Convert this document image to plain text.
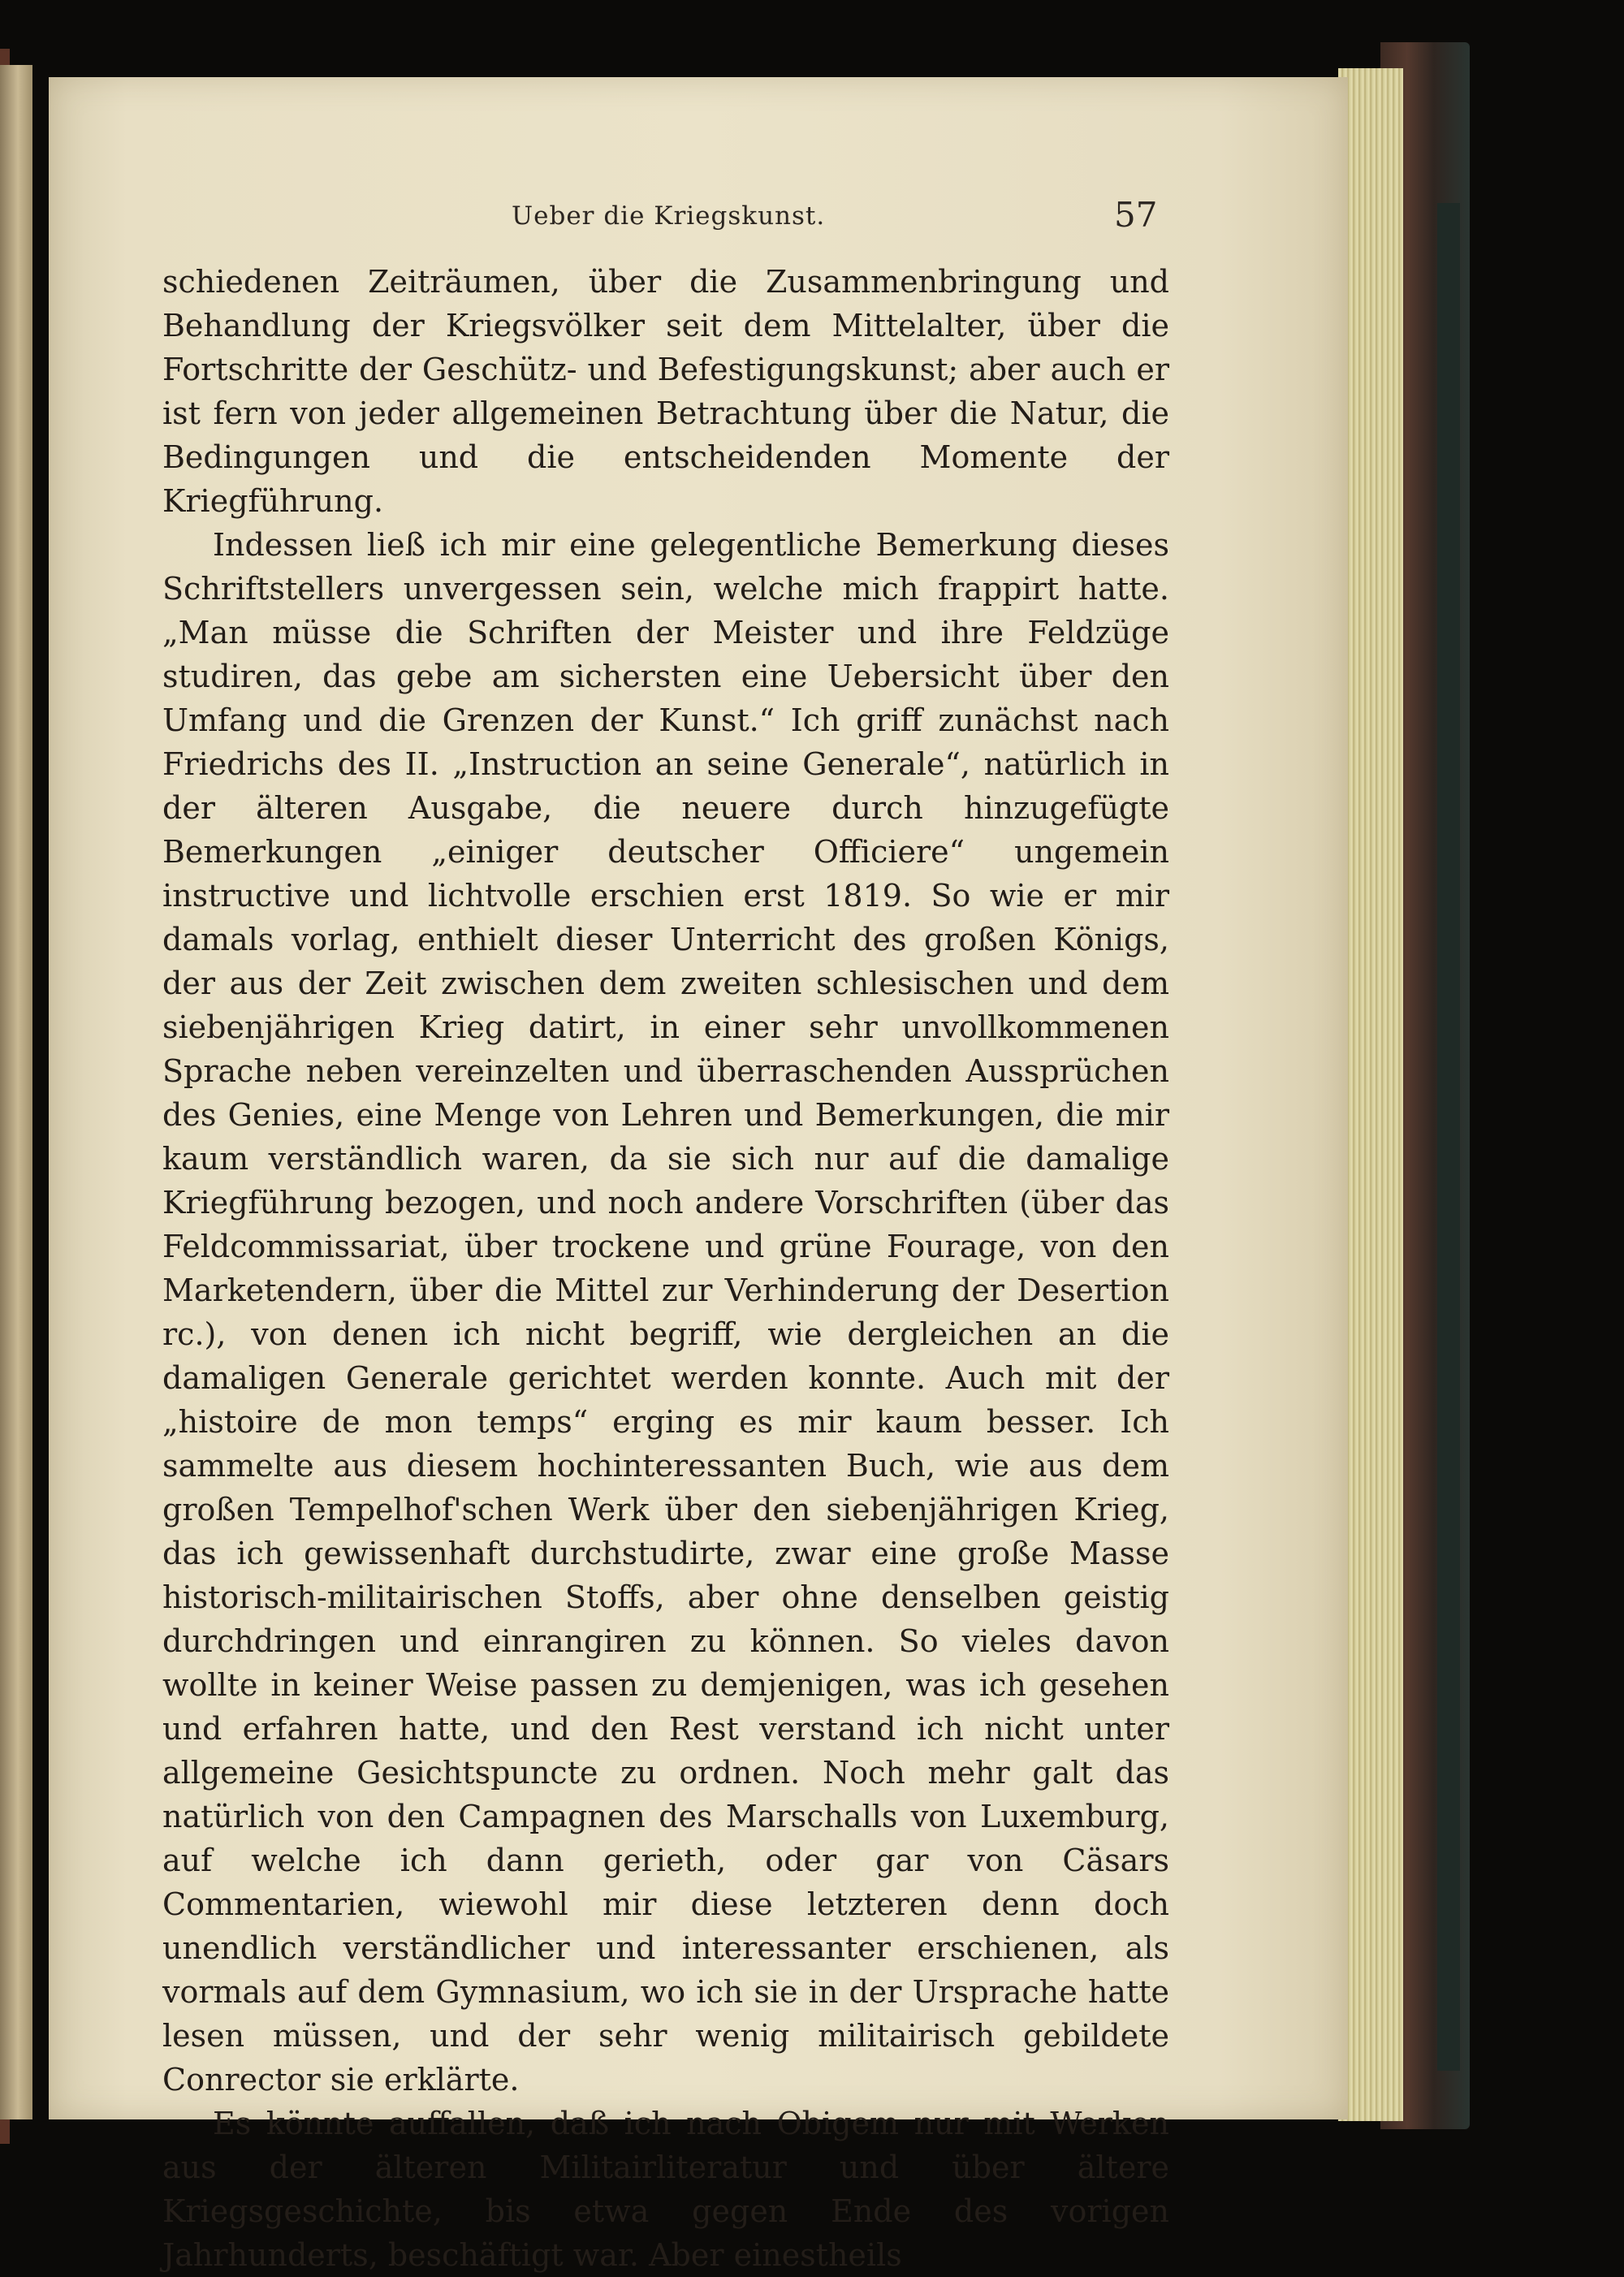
Ueber die Kriegskunst.	57

schiedenen Zeiträumen, über die Zusammenbringung und Behandlung der Kriegsvölker seit dem Mittelalter, über die Fortschritte der Geschütz- und Befestigungskunst; aber auch er ist fern von jeder allgemeinen Betrachtung über die Natur, die Bedingungen und die entscheidenden Momente der Kriegführung.

Indessen ließ ich mir eine gelegentliche Bemerkung dieses Schriftstellers unvergessen sein, welche mich frappirt hatte. „Man müsse die Schriften der Meister und ihre Feldzüge studiren, das gebe am sichersten eine Uebersicht über den Umfang und die Grenzen der Kunst.“ Ich griff zunächst nach Friedrichs des II. „Instruction an seine Generale“, natürlich in der älteren Ausgabe, die neuere durch hinzugefügte Bemerkungen „einiger deutscher Officiere“ ungemein instructive und lichtvolle erschien erst 1819. So wie er mir damals vorlag, enthielt dieser Unterricht des großen Königs, der aus der Zeit zwischen dem zweiten schlesischen und dem siebenjährigen Krieg datirt, in einer sehr unvollkommenen Sprache neben vereinzelten und überraschenden Aussprüchen des Genies, eine Menge von Lehren und Bemerkungen, die mir kaum verständlich waren, da sie sich nur auf die damalige Kriegführung bezogen, und noch andere Vorschriften (über das Feldcommissariat, über trockene und grüne Fourage, von den Marketendern, über die Mittel zur Verhinderung der Desertion rc.), von denen ich nicht begriff, wie dergleichen an die damaligen Generale gerichtet werden konnte. Auch mit der „histoire de mon temps“ erging es mir kaum besser. Ich sammelte aus diesem hochinteressanten Buch, wie aus dem großen Tempelhof'schen Werk über den siebenjährigen Krieg, das ich gewissenhaft durchstudirte, zwar eine große Masse historisch-militairischen Stoffs, aber ohne denselben geistig durchdringen und einrangiren zu können. So vieles davon wollte in keiner Weise passen zu demjenigen, was ich gesehen und erfahren hatte, und den Rest verstand ich nicht unter allgemeine Gesichtspuncte zu ordnen. Noch mehr galt das natürlich von den Campagnen des Marschalls von Luxemburg, auf welche ich dann gerieth, oder gar von Cäsars Commentarien, wiewohl mir diese letzteren denn doch unendlich verständlicher und interessanter erschienen, als vormals auf dem Gymnasium, wo ich sie in der Ursprache hatte lesen müssen, und der sehr wenig militairisch gebildete Conrector sie erklärte.

Es könnte auffallen, daß ich nach Obigem nur mit Werken aus der älteren Militairliteratur und über ältere Kriegsgeschichte, bis etwa gegen Ende des vorigen Jahrhunderts, beschäftigt war. Aber einestheils
